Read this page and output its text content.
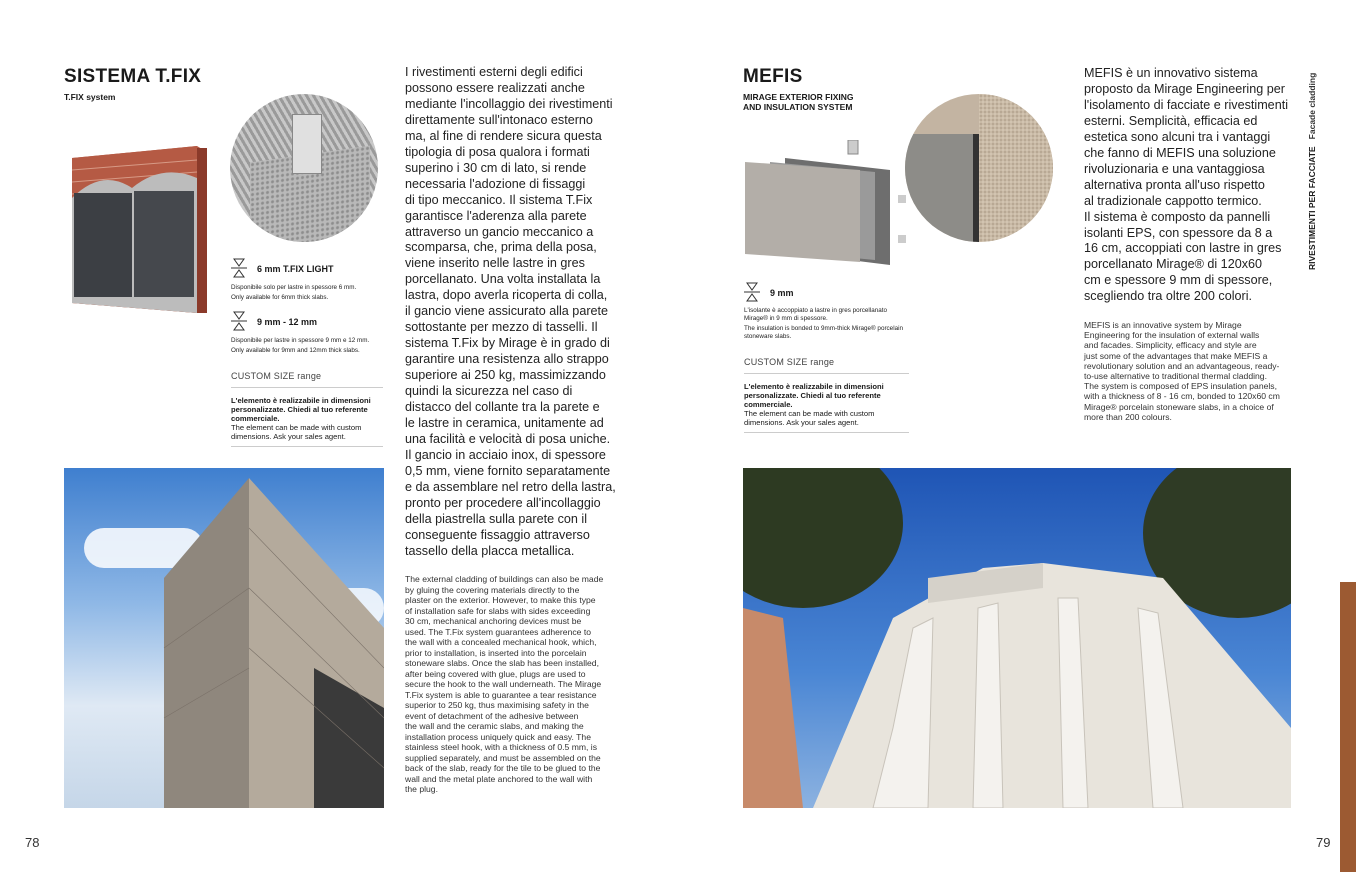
SISTEMA T.FIX
T.FIX system
6 mm T.FIX LIGHT
Disponibile solo per lastre in spessore 6 mm.
Only available for 6mm thick slabs.
9 mm - 12 mm
Disponibile per lastre in spessore 9 mm e 12 mm.
Only available for 9mm and 12mm thick slabs.
CUSTOM SIZE range
L'elemento è realizzabile in dimensioni
personalizzate. Chiedi al tuo referente
commerciale.
The element can be made with custom
dimensions. Ask your sales agent.
I rivestimenti esterni degli edifici
possono essere realizzati anche
mediante l'incollaggio dei rivestimenti
direttamente sull'intonaco esterno
ma, al fine di rendere sicura questa
tipologia di posa qualora i formati
superino i 30 cm di lato, si rende
necessaria l'adozione di fissaggi
di tipo meccanico. Il sistema T.Fix
garantisce l'aderenza alla parete
attraverso un gancio meccanico a
scomparsa, che, prima della posa,
viene inserito nelle lastre in gres
porcellanato. Una volta installata la
lastra, dopo averla ricoperta di colla,
il gancio viene assicurato alla parete
sottostante per mezzo di tasselli. Il
sistema T.Fix by Mirage è in grado di
garantire una resistenza allo strappo
superiore ai 250 kg, massimizzando
quindi la sicurezza nel caso di
distacco del collante tra la parete e
le lastre in ceramica, unitamente ad
una facilità e velocità di posa uniche.
Il gancio in acciaio inox, di spessore
0,5 mm, viene fornito separatamente
e da assemblare nel retro della lastra,
pronto per procedere all'incollaggio
della piastrella sulla parete con il
conseguente fissaggio attraverso
tassello della placca metallica.
The external cladding of buildings can also be made
by gluing the covering materials directly to the
plaster on the exterior. However, to make this type
of installation safe for slabs with sides exceeding
30 cm, mechanical anchoring devices must be
used. The T.Fix system guarantees adherence to
the wall with a concealed mechanical hook, which,
prior to installation, is inserted into the porcelain
stoneware slabs. Once the slab has been installed,
after being covered with glue, plugs are used to
secure the hook to the wall underneath. The Mirage
T.Fix system is able to guarantee a tear resistance
superior to 250 kg, thus maximising safety in the
event of detachment of the adhesive between
the wall and the ceramic slabs, and making the
installation process uniquely quick and easy. The
stainless steel hook, with a thickness of 0.5 mm, is
supplied separately, and must be assembled on the
back of the slab, ready for the tile to be glued to the
wall and the metal plate anchored to the wall with
the plug.
78
MEFIS
MIRAGE EXTERIOR FIXING
AND INSULATION SYSTEM
9 mm
L'isolante è accoppiato a lastre in gres porcellanato
Mirage® in 9 mm di spessore.
The insulation is bonded to 9mm-thick Mirage® porcelain
stoneware slabs.
CUSTOM SIZE range
L'elemento è realizzabile in dimensioni
personalizzate. Chiedi al tuo referente
commerciale.
The element can be made with custom
dimensions. Ask your sales agent.
MEFIS è un innovativo sistema
proposto da Mirage Engineering per
l'isolamento di facciate e rivestimenti
esterni. Semplicità, efficacia ed
estetica sono alcuni tra i vantaggi
che fanno di MEFIS una soluzione
rivoluzionaria e una vantaggiosa
alternativa pronta all'uso rispetto
al tradizionale cappotto termico.
Il sistema è composto da pannelli
isolanti EPS, con spessore da 8 a
16 cm, accoppiati con lastre in gres
porcellanato Mirage® di 120x60
cm e spessore 9 mm di spessore,
scegliendo tra oltre 200 colori.
MEFIS is an innovative system by Mirage
Engineering for the insulation of external walls
and facades. Simplicity, efficacy and style are
just some of the advantages that make MEFIS a
revolutionary solution and an advantageous, ready-
to-use alternative to traditional thermal cladding.
The system is composed of EPS insulation panels,
with a thickness of 8 - 16 cm, bonded to 120x60 cm
Mirage® porcelain stoneware slabs, in a choice of
more than 200 colours.
RIVESTIMENTI PER FACCIATE   Facade cladding
79
